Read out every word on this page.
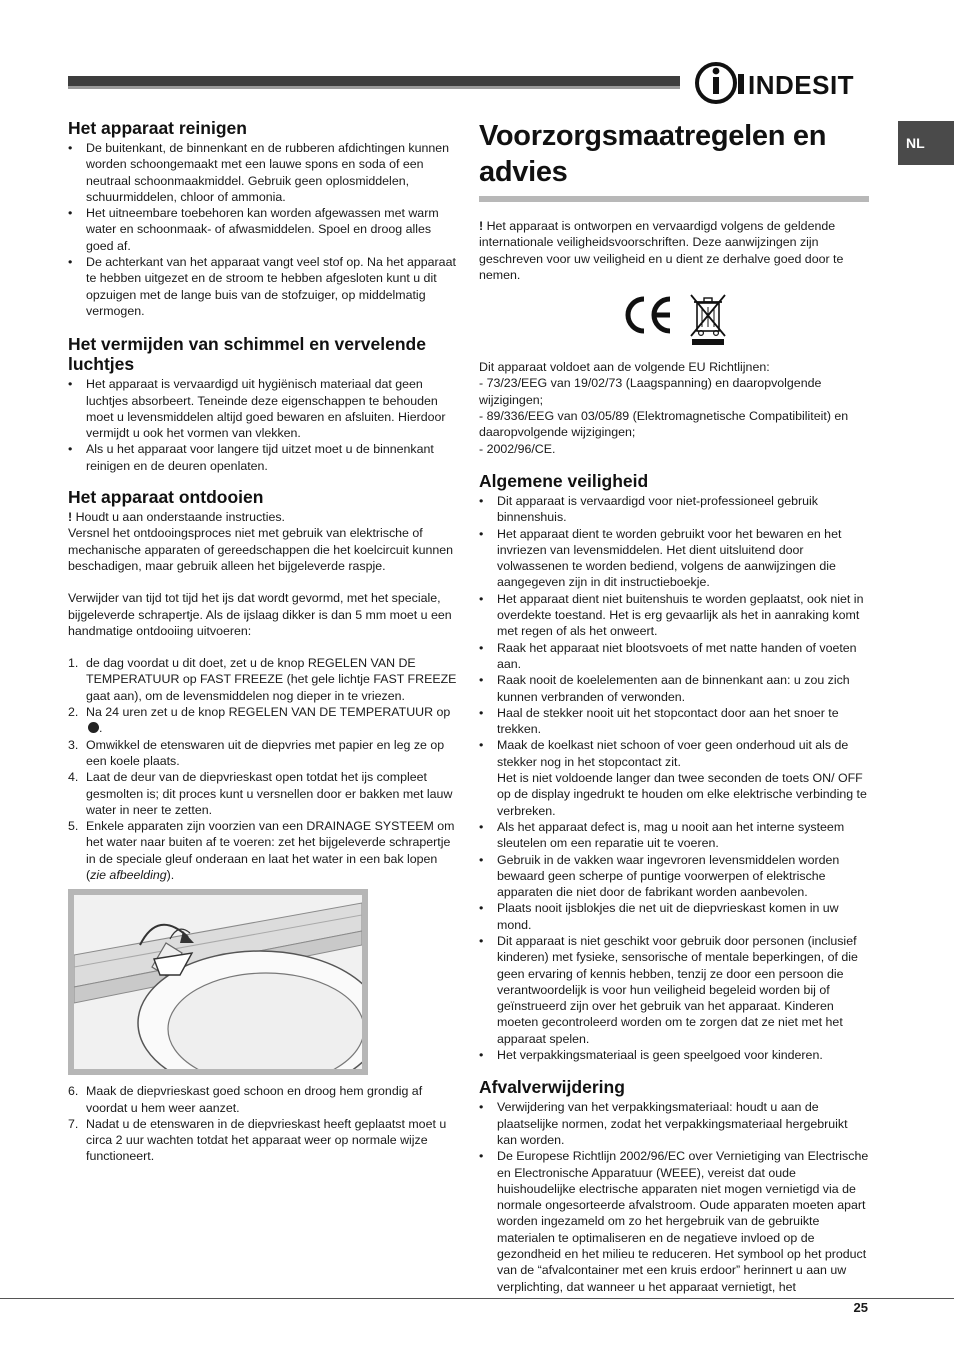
INDESIT
NL
Het apparaat reinigen
• De buitenkant, de binnenkant en de rubberen afdichtingen kunnen worden schoongemaakt met een lauwe spons en soda of een neutraal schoonmaakmiddel. Gebruik geen oplosmiddelen, schuurmiddelen, chloor of ammonia.
• Het uitneembare toebehoren kan worden afgewassen met warm water en schoonmaak- of afwasmiddelen. Spoel en droog alles goed af.
• De achterkant van het apparaat vangt veel stof op. Na het apparaat te hebben uitgezet en de stroom te hebben afgesloten kunt u dit opzuigen met de lange buis van de stofzuiger, op middelmatig vermogen.
Het vermijden van schimmel en vervelende luchtjes
• Het apparaat is vervaardigd uit hygiënisch materiaal dat geen luchtjes absorbeert. Teneinde deze eigenschappen te behouden moet u levensmiddelen altijd goed bewaren en afsluiten. Hierdoor vermijdt u ook het vormen van vlekken.
• Als u het apparaat voor langere tijd uitzet moet u de binnenkant reinigen en de deuren openlaten.
Het apparaat ontdooien

! Houdt u aan onderstaande instructies.

Versnel het ontdooingsproces niet met gebruik van elektrische of mechanische apparaten of gereedschappen die het koelcircuit kunnen beschadigen, maar gebruik alleen het bijgeleverde raspje.

Verwijder van tijd tot tijd het ijs dat wordt gevormd, met het speciale, bijgeleverde schrapertje. Als de ijslaag dikker is dan 5 mm moet u een handmatige ontdooiing uitvoeren:

1. de dag voordat u dit doet, zet u de knop REGELEN VAN DE TEMPERATUUR op FAST FREEZE (het gele lichtje FAST FREEZE gaat aan), om de levensmiddelen nog dieper in te vriezen.
2. Na 24 uren zet u de knop REGELEN VAN DE TEMPERATUUR op .
3. Omwikkel de etenswaren uit de diepvries met papier en leg ze op een koele plaats.
4. Laat de deur van de diepvrieskast open totdat het ijs compleet gesmolten is; dit proces kunt u versnellen door er bakken met lauw water in neer te zetten.
5. Enkele apparaten zijn voorzien van een DRAINAGE SYSTEEM om het water naar buiten af te voeren: zet het bijgeleverde schrapertje in de speciale gleuf onderaan en laat het water in een bak lopen (zie afbeelding).
6. Maak de diepvrieskast goed schoon en droog hem grondig af voordat u hem weer aanzet.
7. Nadat u de etenswaren in de diepvrieskast heeft geplaatst moet u circa 2 uur wachten totdat het apparaat weer op normale wijze functioneert.
Voorzorgsmaatregelen en
advies

! Het apparaat is ontworpen en vervaardigd volgens de geldende internationale veiligheidsvoorschriften. Deze aanwijzingen zijn geschreven voor uw veiligheid en u dient ze derhalve goed door te nemen.

Dit apparaat voldoet aan de volgende EU Richtlijnen:

- 73/23/EEG van 19/02/73 (Laagspanning) en daaropvolgende wijzigingen;

- 89/336/EEG van 03/05/89 (Elektromagnetische Compatibiliteit) en daaropvolgende wijzigingen;

- 2002/96/CE.

Algemene veiligheid
• Dit apparaat is vervaardigd voor niet-professioneel gebruik binnenshuis.
• Het apparaat dient te worden gebruikt voor het bewaren en het invriezen van levensmiddelen. Het dient uitsluitend door volwassenen te worden bediend, volgens de aanwijzingen die aangegeven zijn in dit instructieboekje.
• Het apparaat dient niet buitenshuis te worden geplaatst, ook niet in overdekte toestand. Het is erg gevaarlijk als het in aanraking komt met regen of als het onweert.
• Raak het apparaat niet blootsvoets of met natte handen of voeten aan.
• Raak nooit de koelelementen aan de binnenkant aan: u zou zich kunnen verbranden of verwonden.
• Haal de stekker nooit uit het stopcontact door aan het snoer te trekken.
• Maak de koelkast niet schoon of voer geen onderhoud uit als de stekker nog in het stopcontact zit.
Het is niet voldoende langer dan twee seconden de toets ON/ OFF op de display ingedrukt te houden om elke elektrische verbinding te verbreken.
• Als het apparaat defect is, mag u nooit aan het interne systeem sleutelen om een reparatie uit te voeren.
• Gebruik in de vakken waar ingevroren levensmiddelen worden bewaard geen scherpe of puntige voorwerpen of elektrische apparaten die niet door de fabrikant worden aanbevolen.
• Plaats nooit ijsblokjes die net uit de diepvrieskast komen in uw mond.
• Dit apparaat is niet geschikt voor gebruik door personen (inclusief kinderen) met fysieke, sensorische of mentale beperkingen, of die geen ervaring of kennis hebben, tenzij ze door een persoon die verantwoordelijk is voor hun veiligheid begeleid worden bij of geïnstrueerd zijn over het gebruik van het apparaat. Kinderen moeten gecontroleerd worden om te zorgen dat ze niet met het apparaat spelen.
• Het verpakkingsmateriaal is geen speelgoed voor kinderen.
Afvalverwijdering
• Verwijdering van het verpakkingsmateriaal: houdt u aan de plaatselijke normen, zodat het verpakkingsmateriaal hergebruikt kan worden.
• De Europese Richtlijn 2002/96/EC over Vernietiging van Electrische en Electronische Apparatuur (WEEE), vereist dat oude huishoudelijke electrische apparaten niet mogen vernietigd via de normale ongesorteerde afvalstroom. Oude apparaten moeten apart worden ingezameld om zo het hergebruik van de gebruikte materialen te optimaliseren en de negatieve invloed op de gezondheid en het milieu te reduceren. Het symbool op het product van de “afvalcontainer met een kruis erdoor” herinnert u aan uw verplichting, dat wanneer u het apparaat vernietigt, het
25
